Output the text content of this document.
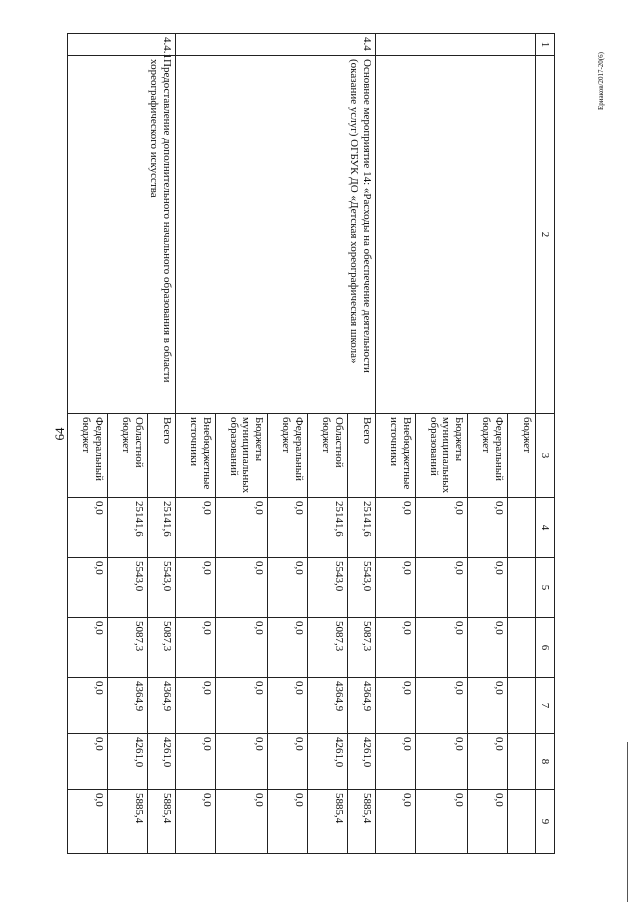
64
Ериаков/2017-20(6)
1	2	3	4	5	6	7	8	9
		бюджет						
		Федеральный бюджет	0,0	0,0	0,0	0,0	0,0	0,0
		Бюджеты муниципальных образований	0,0	0,0	0,0	0,0	0,0	0,0
		Внебюджетные источники	0,0	0,0	0,0	0,0	0,0	0,0
4.4	Основное мероприятие 14: «Расходы на обеспечение деятельности (оказание услуг) ОГБУК ДО «Детская хореографическая школа»	Всего	25141,6	5543,0	5087,3	4364,9	4261,0	5885,4
		Областной бюджет	25141,6	5543,0	5087,3	4364,9	4261,0	5885,4
		Федеральный бюджет	0,0	0,0	0,0	0,0	0,0	0,0
		Бюджеты муниципальных образований	0,0	0,0	0,0	0,0	0,0	0,0
		Внебюджетные источники	0,0	0,0	0,0	0,0	0,0	0,0
4.4.1	Предоставление дополнительного начального образования в области хореографического искусства	Всего	25141,6	5543,0	5087,3	4364,9	4261,0	5885,4
		Областной бюджет	25141,6	5543,0	5087,3	4364,9	4261,0	5885,4
		Федеральный бюджет	0,0	0,0	0,0	0,0	0,0	0,0
